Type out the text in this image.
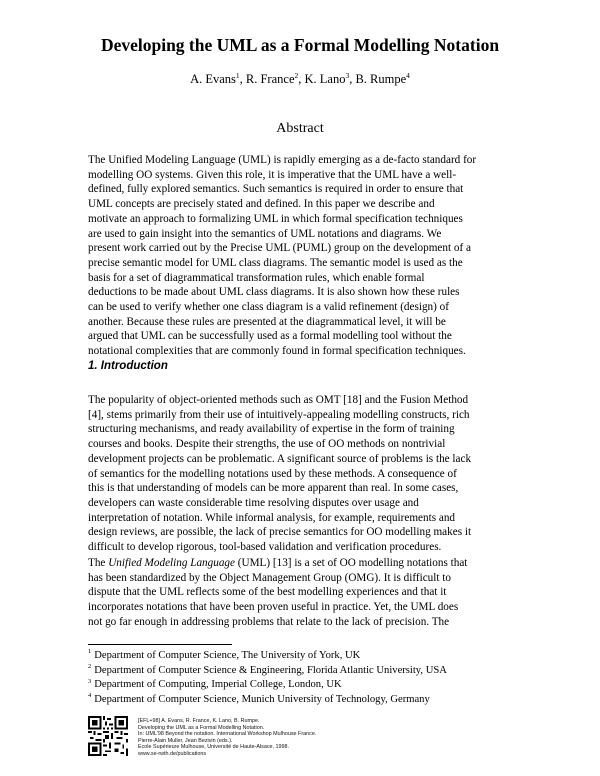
Developing the UML as a Formal Modelling Notation
A. Evans$^1$, R. France$^2$, K. Lano$^3$, B. Rumpe$^4$
Abstract
The Unified Modeling Language (UML) is rapidly emerging as a de-facto standard for
modelling OO systems. Given this role, it is imperative that the UML have a well-
defined, fully explored semantics. Such semantics is required in order to ensure that
UML concepts are precisely stated and defined. In this paper we describe and
motivate an approach to formalizing UML in which formal specification techniques
are used to gain insight into the semantics of UML notations and diagrams. We
present work carried out by the Precise UML (PUML) group on the development of a
precise semantic model for UML class diagrams. The semantic model is used as the
basis for a set of diagrammatical transformation rules, which enable formal
deductions to be made about UML class diagrams. It is also shown how these rules
can be used to verify whether one class diagram is a valid refinement (design) of
another. Because these rules are presented at the diagrammatical level, it will be
argued that UML can be successfully used as a formal modelling tool without the
notational complexities that are commonly found in formal specification techniques.
1. Introduction
The popularity of object-oriented methods such as OMT [18] and the Fusion Method
[4], stems primarily from their use of intuitively-appealing modelling constructs, rich
structuring mechanisms, and ready availability of expertise in the form of training
courses and books. Despite their strengths, the use of OO methods on nontrivial
development projects can be problematic. A significant source of problems is the lack
of semantics for the modelling notations used by these methods. A consequence of
this is that understanding of models can be more apparent than real. In some cases,
developers can waste considerable time resolving disputes over usage and
interpretation of notation. While informal analysis, for example, requirements and
design reviews, are possible, the lack of precise semantics for OO modelling makes it
difficult to develop rigorous, tool-based validation and verification procedures.
The Unified Modeling Language (UML) [13] is a set of OO modelling notations that
has been standardized by the Object Management Group (OMG). It is difficult to
dispute that the UML reflects some of the best modelling experiences and that it
incorporates notations that have been proven useful in practice. Yet, the UML does
not go far enough in addressing problems that relate to the lack of precision. The
$^1$ Department of Computer Science, The University of York, UK
$^2$ Department of Computer Science & Engineering, Florida Atlantic University, USA
$^3$ Department of Computing, Imperial College, London, UK
$^4$ Department of Computer Science, Munich University of Technology, Germany
[EFL+98] A. Evans, R. France, K. Lano, B. Rumpe.
Developing the UML as a Formal Modelling Notation.
In: UML'98 Beyond the notation. International Workshop Mulhouse France.
Pierre-Alain Muller, Jean Bezivin (eds.).
Ecole Supérieure Mulhouse, Université de Haute-Alsace, 1998.
www.se-rwth.de/publications
